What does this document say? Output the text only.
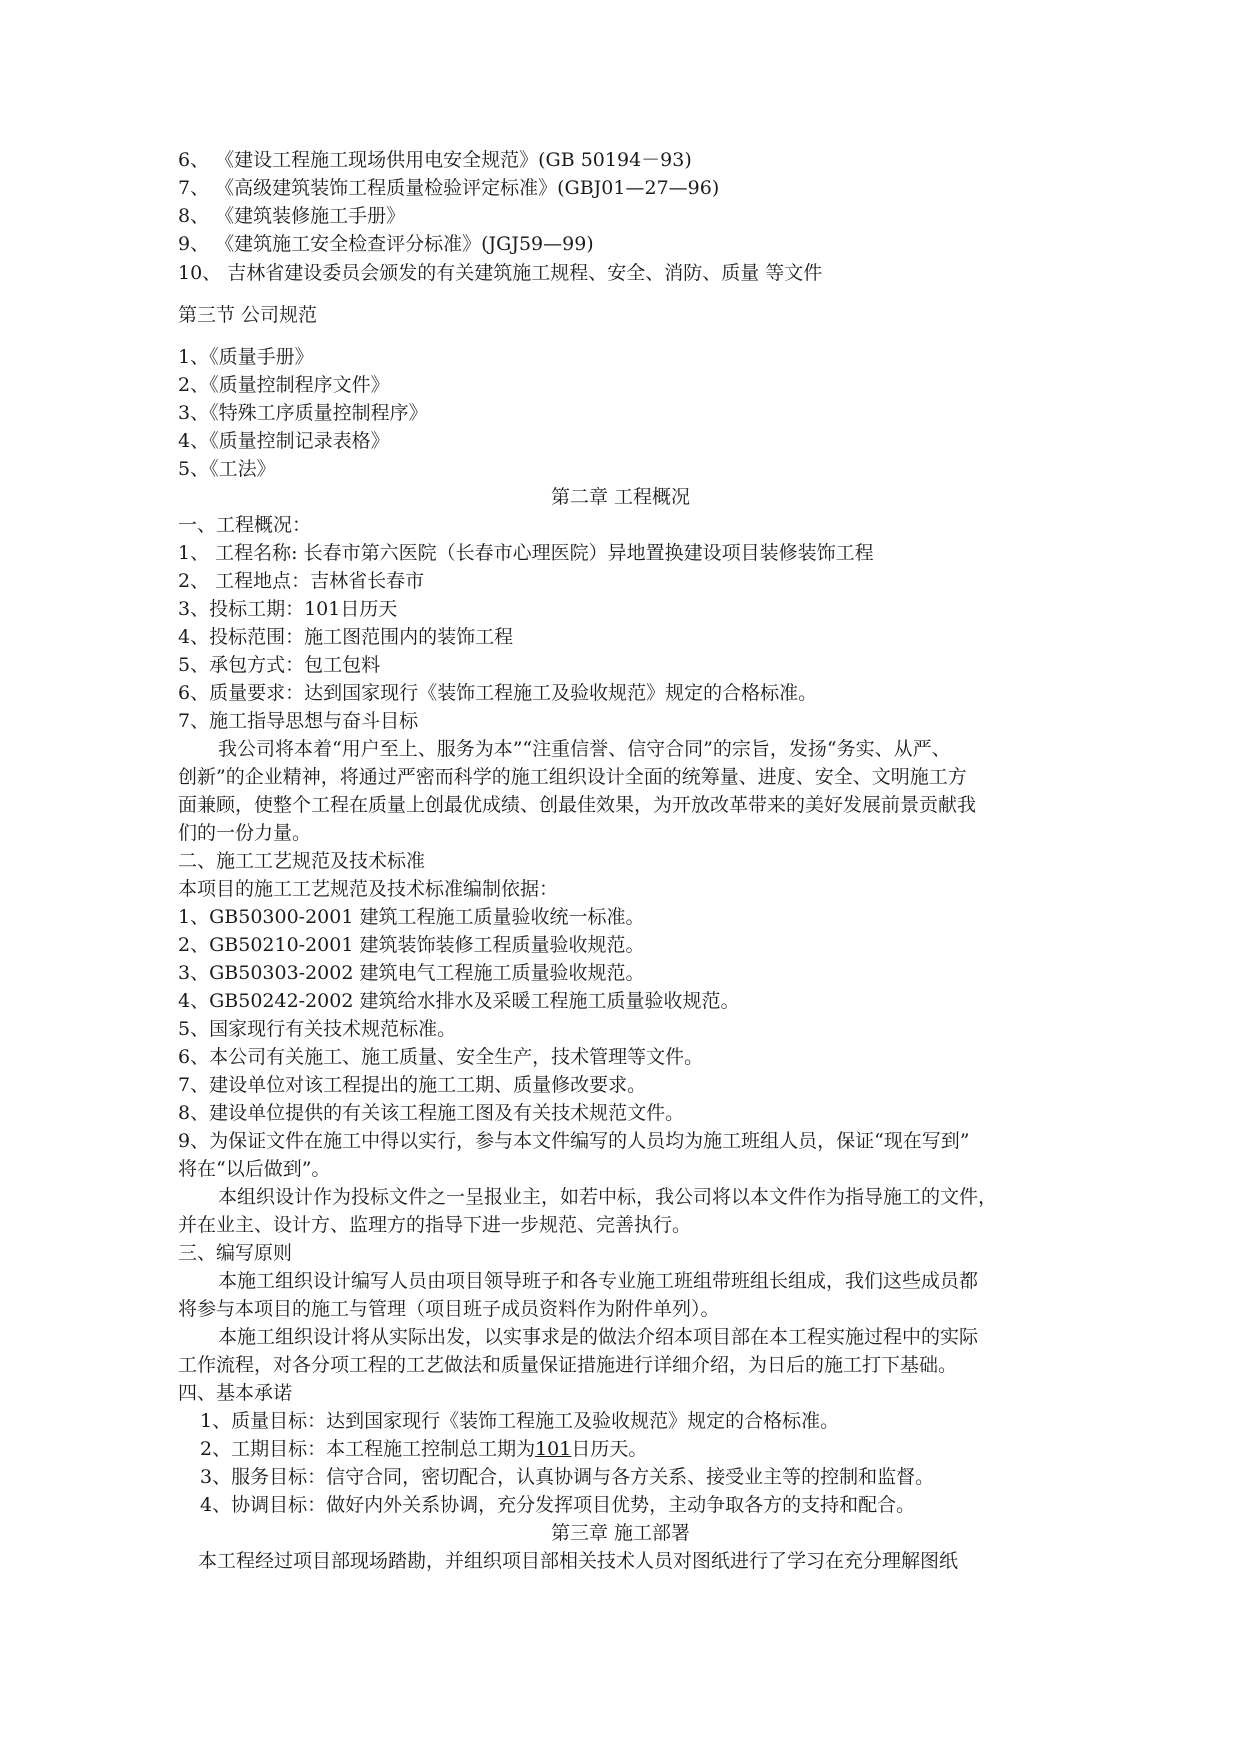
6、 《建设工程施工现场供用电安全规范》(GB 50194－93)
7、 《高级建筑装饰工程质量检验评定标准》(GBJ01—27—96)
8、 《建筑装修施工手册》
9、 《建筑施工安全检查评分标准》(JGJ59—99)
10、 吉林省建设委员会颁发的有关建筑施工规程、安全、消防、质量 等文件
第三节 公司规范
1、《质量手册》
2、《质量控制程序文件》
3、《特殊工序质量控制程序》
4、《质量控制记录表格》
5、《工法》
第二章 工程概况
一、工程概况：
1、 工程名称: 长春市第六医院（长春市心理医院）异地置换建设项目装修装饰工程
2、 工程地点：吉林省长春市
3、投标工期：101日历天
4、投标范围：施工图范围内的装饰工程
5、承包方式：包工包料
6、质量要求：达到国家现行《装饰工程施工及验收规范》规定的合格标准。
7、施工指导思想与奋斗目标
我公司将本着“用户至上、服务为本”“注重信誉、信守合同”的宗旨，发扬“务实、从严、
创新”的企业精神，将通过严密而科学的施工组织设计全面的统筹量、进度、安全、文明施工方
面兼顾，使整个工程在质量上创最优成绩、创最佳效果，为开放改革带来的美好发展前景贡献我
们的一份力量。
二、施工工艺规范及技术标准
本项目的施工工艺规范及技术标准编制依据：
1、GB50300-2001 建筑工程施工质量验收统一标准。
2、GB50210-2001 建筑装饰装修工程质量验收规范。
3、GB50303-2002 建筑电气工程施工质量验收规范。
4、GB50242-2002 建筑给水排水及采暖工程施工质量验收规范。
5、国家现行有关技术规范标准。
6、本公司有关施工、施工质量、安全生产，技术管理等文件。
7、建设单位对该工程提出的施工工期、质量修改要求。
8、建设单位提供的有关该工程施工图及有关技术规范文件。
9、为保证文件在施工中得以实行，参与本文件编写的人员均为施工班组人员，保证“现在写到”
将在“以后做到”。
本组织设计作为投标文件之一呈报业主，如若中标，我公司将以本文件作为指导施工的文件，
并在业主、设计方、监理方的指导下进一步规范、完善执行。
三、编写原则
本施工组织设计编写人员由项目领导班子和各专业施工班组带班组长组成，我们这些成员都
将参与本项目的施工与管理（项目班子成员资料作为附件单列）。
本施工组织设计将从实际出发，以实事求是的做法介绍本项目部在本工程实施过程中的实际
工作流程，对各分项工程的工艺做法和质量保证措施进行详细介绍，为日后的施工打下基础。
四、基本承诺
1、质量目标：达到国家现行《装饰工程施工及验收规范》规定的合格标准。
2、工期目标：本工程施工控制总工期为101日历天。
3、服务目标：信守合同，密切配合，认真协调与各方关系、接受业主等的控制和监督。
4、协调目标：做好内外关系协调，充分发挥项目优势，主动争取各方的支持和配合。
第三章 施工部署
本工程经过项目部现场踏勘，并组织项目部相关技术人员对图纸进行了学习在充分理解图纸
